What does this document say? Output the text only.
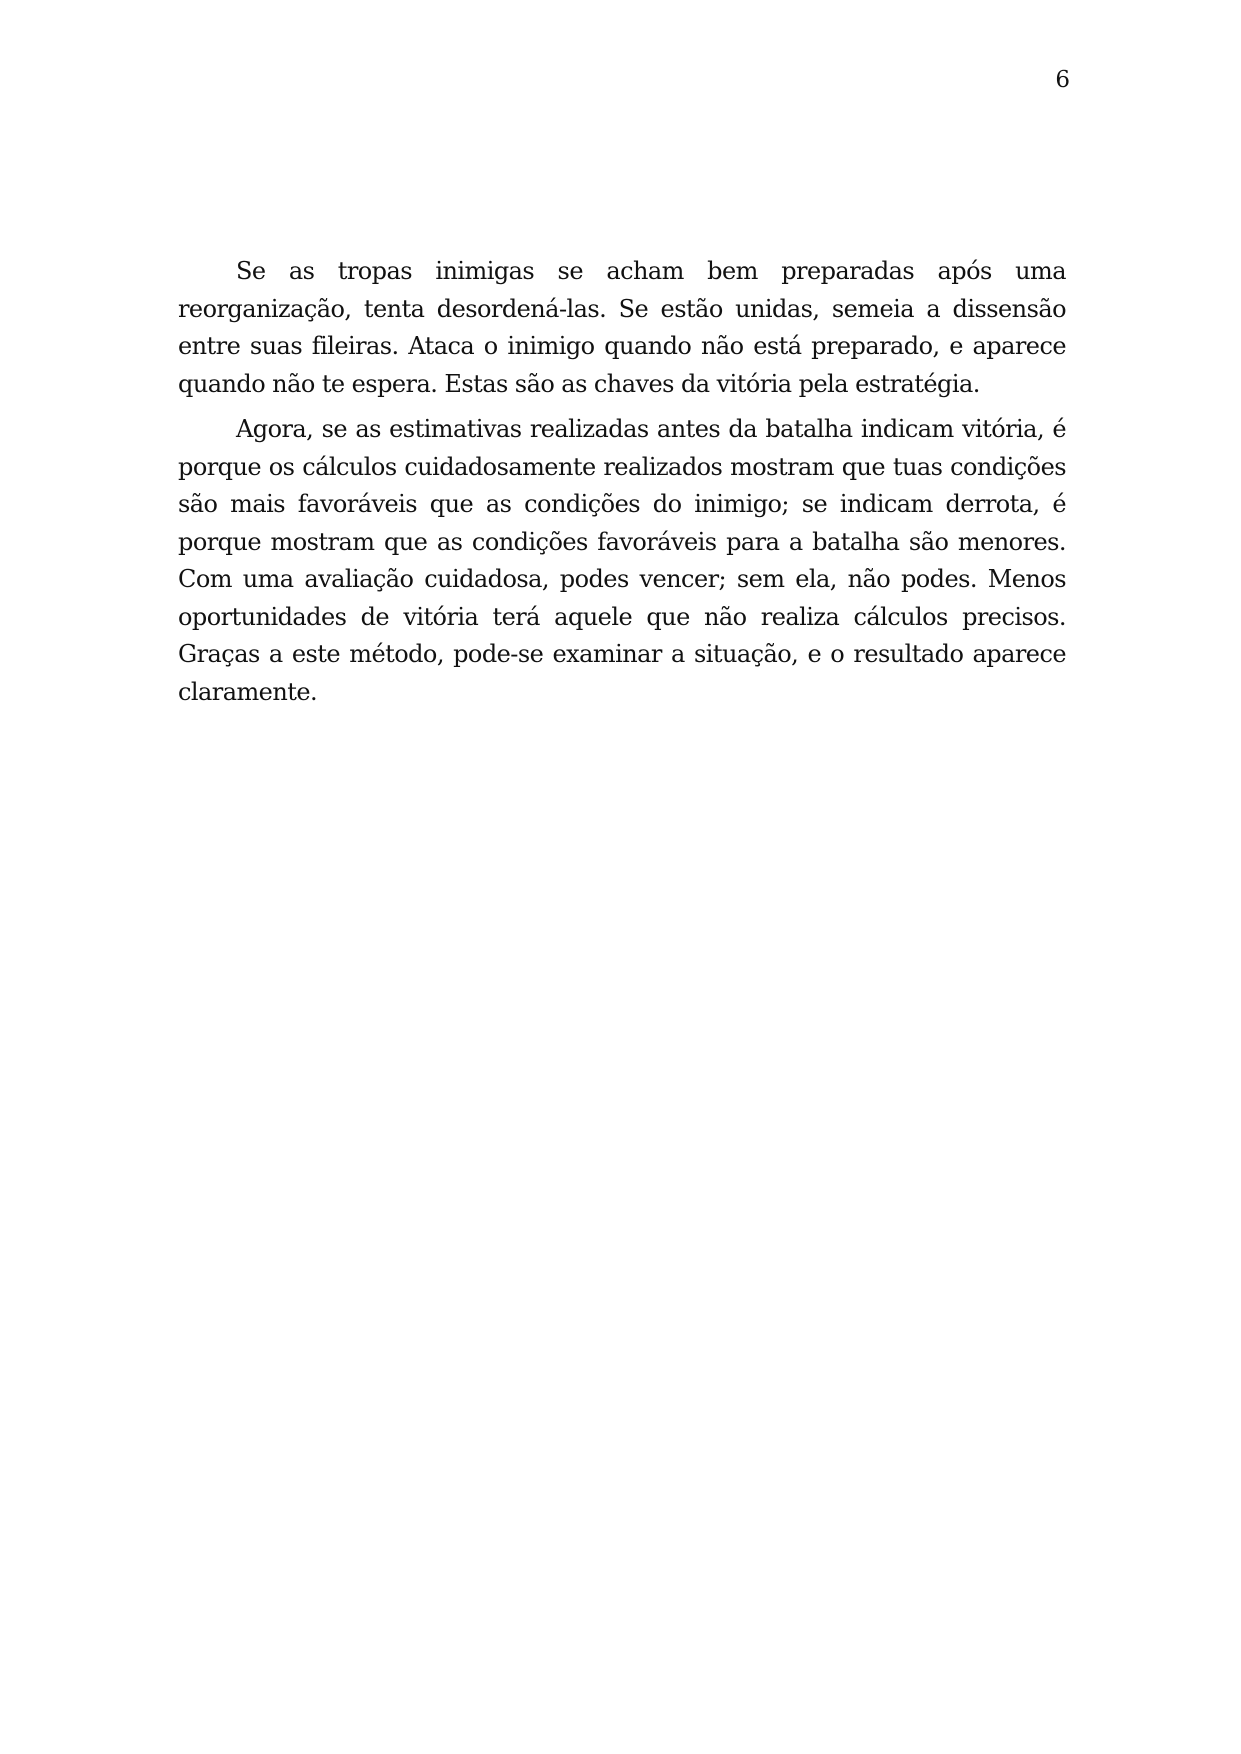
6

Se as tropas inimigas se acham bem preparadas após uma reorganização, tenta desordená-las. Se estão unidas, semeia a dissensão entre suas fileiras. Ataca o inimigo quando não está preparado, e aparece quando não te espera. Estas são as chaves da vitória pela estratégia.

Agora, se as estimativas realizadas antes da batalha indicam vitória, é porque os cálculos cuidadosamente realizados mostram que tuas condições são mais favoráveis que as condições do inimigo; se indicam derrota, é porque mostram que as condições favoráveis para a batalha são menores. Com uma avaliação cuidadosa, podes vencer; sem ela, não podes. Menos oportunidades de vitória terá aquele que não realiza cálculos precisos. Graças a este método, pode-se examinar a situação, e o resultado aparece claramente.
